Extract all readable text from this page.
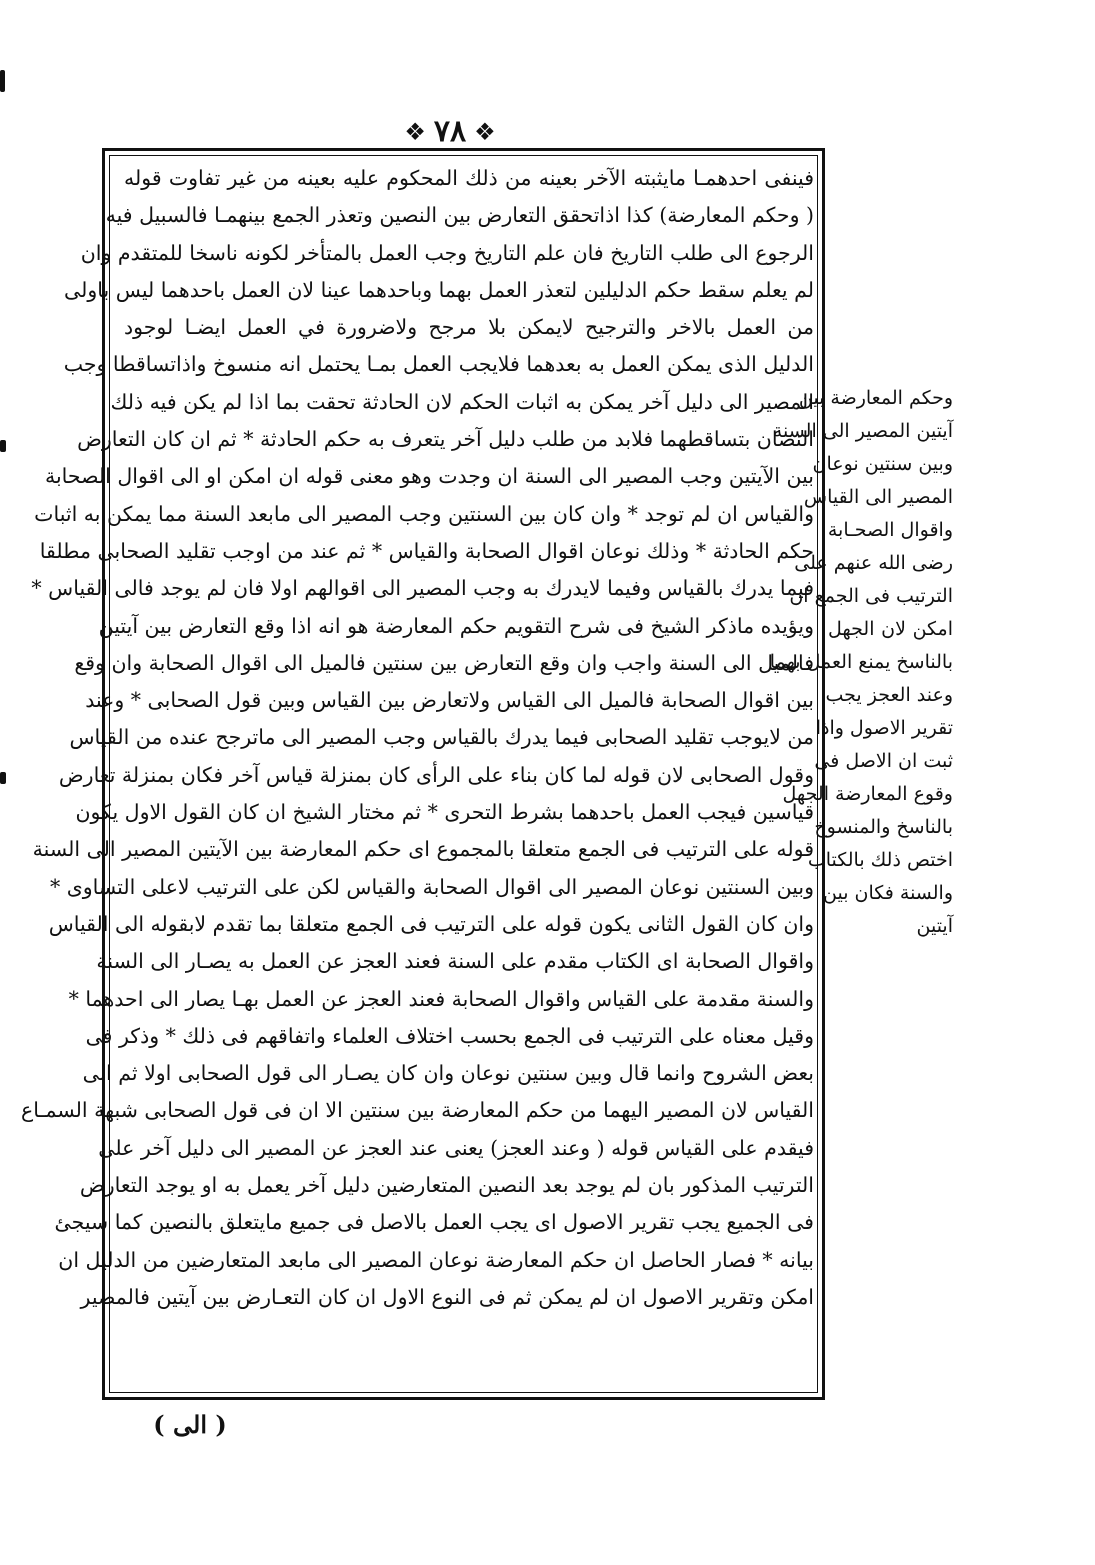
❖
٧٨
❖
فينفى احدهمـا مايثبته الآخر بعينه من ذلك المحكوم عليه بعينه من غير تفاوت قوله
( وحكم المعارضة) كذا اذاتحقق التعارض بين النصين وتعذر الجمع بينهمـا فالسبيل فيه
الرجوع الى طلب التاريخ فان علم التاريخ وجب العمل بالمتأخر لكونه ناسخا للمتقدم وان
لم يعلم سقط حكم الدليلين لتعذر العمل بهما وباحدهما عينا لان العمل باحدهما ليس باولى
من العمل بالاخر والترجيح لايمكن بلا مرجح ولاضرورة في العمل ايضـا لوجود
الدليل الذى يمكن العمل به بعدهما فلايجب العمل بمـا يحتمل انه منسوخ واذاتساقطا وجب
المصير الى دليل آخر يمكن به اثبات الحكم لان الحادثة تحقت بما اذا لم يكن فيه ذلك
النصان بتساقطهما فلابد من طلب دليل آخر يتعرف به حكم الحادثة * ثم ان كان التعارض
بين الآيتين وجب المصير الى السنة ان وجدت وهو معنى قوله ان امكن او الى اقوال الصحابة
والقياس ان لم توجد * وان كان بين السنتين وجب المصير الى مابعد السنة مما يمكن به اثبات
حكم الحادثة * وذلك نوعان اقوال الصحابة والقياس * ثم عند من اوجب تقليد الصحابى مطلقا
فيما يدرك بالقياس وفيما لايدرك به وجب المصير الى اقوالهم اولا فان لم يوجد فالى القياس *
ويؤيده ماذكر الشيخ فى شرح التقويم حكم المعارضة هو انه اذا وقع التعارض بين آيتين
فالميل الى السنة واجب وان وقع التعارض بين سنتين فالميل الى اقوال الصحابة وان وقع
بين اقوال الصحابة فالميل الى القياس ولاتعارض بين القياس وبين قول الصحابى * وعند
من لايوجب تقليد الصحابى فيما يدرك بالقياس وجب المصير الى ماترجح عنده من القياس
وقول الصحابى لان قوله لما كان بناء على الرأى كان بمنزلة قياس آخر فكان بمنزلة تعارض
قياسين فيجب العمل باحدهما بشرط التحرى * ثم مختار الشيخ ان كان القول الاول يكون
قوله على الترتيب فى الجمع متعلقا بالمجموع اى حكم المعارضة بين الآيتين المصير الى السنة
وبين السنتين نوعان المصير الى اقوال الصحابة والقياس لكن على الترتيب لاعلى التساوى *
وان كان القول الثانى يكون قوله على الترتيب فى الجمع متعلقا بما تقدم لابقوله الى القياس
واقوال الصحابة اى الكتاب مقدم على السنة فعند العجز عن العمل به يصـار الى السنة
والسنة مقدمة على القياس واقوال الصحابة فعند العجز عن العمل بهـا يصار الى احدهما *
وقيل معناه على الترتيب فى الجمع بحسب اختلاف العلماء واتفاقهم فى ذلك * وذكر فى
بعض الشروح وانما قال وبين سنتين نوعان وان كان يصـار الى قول الصحابى اولا ثم الى
القياس لان المصير اليهما من حكم المعارضة بين سنتين الا ان فى قول الصحابى شبهة السمـاع
فيقدم على القياس قوله ( وعند العجز) يعنى عند العجز عن المصير الى دليل آخر على
الترتيب المذكور بان لم يوجد بعد النصين المتعارضين دليل آخر يعمل به او يوجد التعارض
فى الجميع يجب تقرير الاصول اى يجب العمل بالاصل فى جميع مايتعلق بالنصين كما سيجئ
بيانه * فصار الحاصل ان حكم المعارضة نوعان المصير الى مابعد المتعارضين من الدليل ان
امكن وتقرير الاصول ان لم يمكن ثم فى النوع الاول ان كان التعـارض بين آيتين فالمصير
وحكم المعارضة بين
آيتين المصير الى السنة
وبين سنتين نوعان
المصير الى القياس
واقوال الصحـابة
رضى الله عنهم على
الترتيب فى الجمع ان
امكن لان الجهل
بالناسخ يمنع العمل بهما
وعند العجز يجب
تقرير الاصول واذا
ثبت ان الاصل فى
وقوع المعارضة الجهل
بالناسخ والمنسوخ
اختص ذلك بالكتاب
والسنة فكان بين
آيتين
( الى )
